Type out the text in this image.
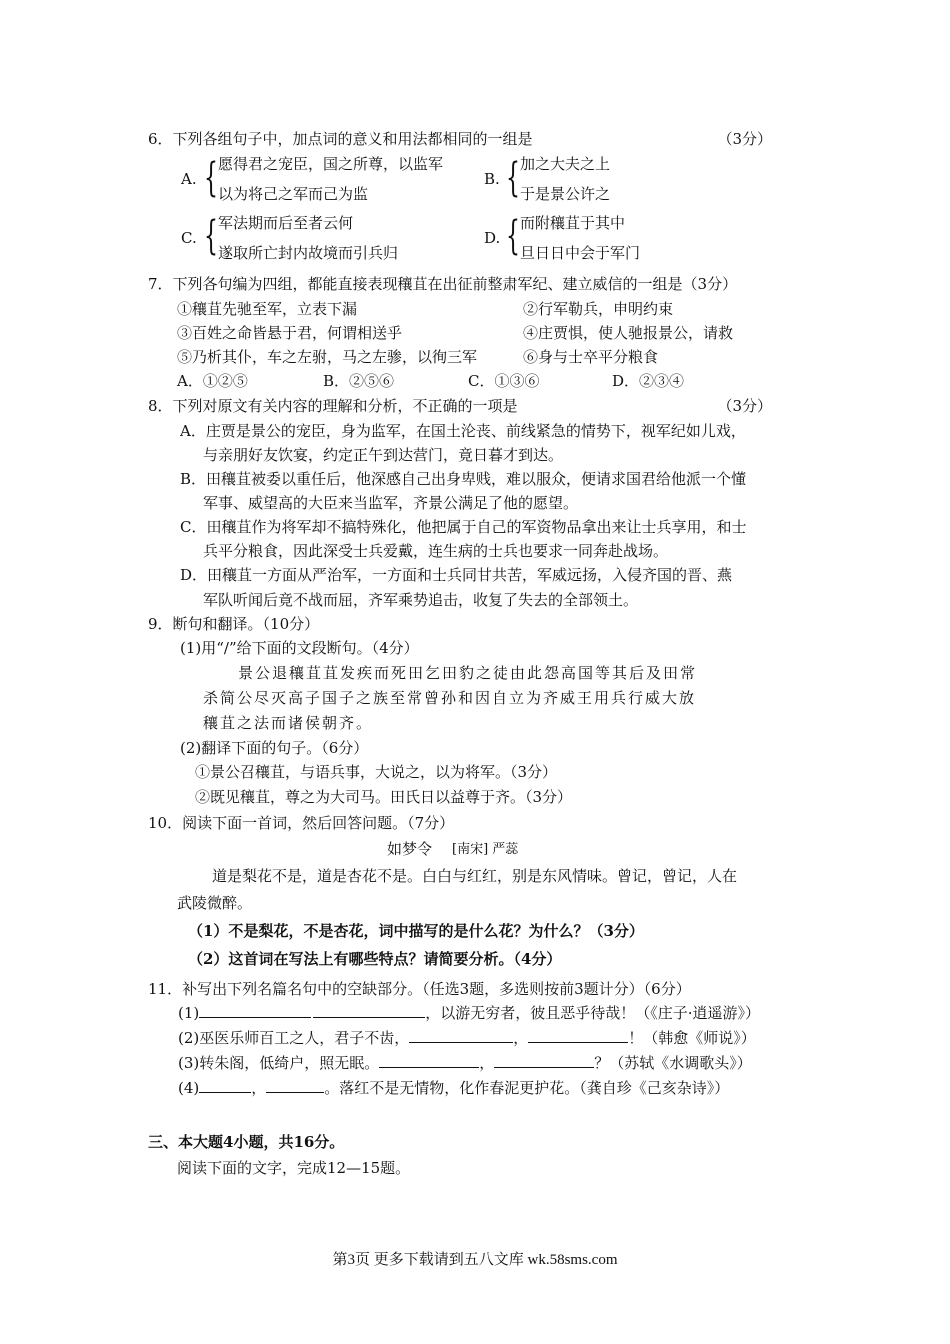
6．下列各组句子中，加点词的意义和用法都相同的一组是	（3分）
A. { 愿得君之宠臣，国之所尊，以监军
以为将己之军而己为监
B. { 加之大夫之上
于是景公许之
C. { 军法期而后至者云何
遂取所亡封内故境而引兵归
D. { 而附穰苴于其中
旦日日中会于军门
7．下列各句编为四组，都能直接表现穰苴在出征前整肃军纪、建立威信的一组是（3分）
①穰苴先驰至军，立表下漏	②行军勒兵，申明约束
③百姓之命皆悬于君，何谓相送乎	④庄贾惧，使人驰报景公，请救
⑤乃析其仆，车之左驸，马之左骖，以徇三军	⑥身与士卒平分粮食
A．①②⑤	B．②⑤⑥	C．①③⑥	D．②③④
8．下列对原文有关内容的理解和分析，不正确的一项是	（3分）
A．庄贾是景公的宠臣，身为监军，在国土沦丧、前线紧急的情势下，视军纪如儿戏，
与亲朋好友饮宴，约定正午到达营门，竟日暮才到达。
B．田穰苴被委以重任后，他深感自己出身卑贱，难以服众，便请求国君给他派一个懂
军事、威望高的大臣来当监军，齐景公满足了他的愿望。
C．田穰苴作为将军却不搞特殊化，他把属于自己的军资物品拿出来让士兵享用，和士
兵平分粮食，因此深受士兵爱戴，连生病的士兵也要求一同奔赴战场。
D．田穰苴一方面从严治军，一方面和士兵同甘共苦，军威远扬，入侵齐国的晋、燕
军队听闻后竟不战而屈，齐军乘势追击，收复了失去的全部领土。
9．断句和翻译。（10分）
(1)用“/”给下面的文段断句。（4分）
景公退穰苴苴发疾而死田乞田豹之徒由此怨高国等其后及田常
杀简公尽灭高子国子之族至常曾孙和因自立为齐威王用兵行威大放
穰苴之法而诸侯朝齐。
(2)翻译下面的句子。（6分）
①景公召穰苴，与语兵事，大说之，以为将军。（3分）
②既见穰苴，尊之为大司马。田氏日以益尊于齐。（3分）
10．阅读下面一首词，然后回答问题。（7分）
如梦令 [南宋] 严蕊
道是梨花不是，道是杏花不是。白白与红红，别是东风情味。曾记，曾记，人在
武陵微醉。
（1）不是梨花，不是杏花，词中描写的是什么花？为什么？（3分）
（2）这首词在写法上有哪些特点？请简要分析。（4分）
11．补写出下列名篇名句中的空缺部分。（任选3题，多选则按前3题计分）（6分）
(1)	，以游无穷者，彼且恶乎待哉！（《庄子·逍遥游》）
(2)巫医乐师百工之人，君子不齿，	，	！（韩愈《师说》）
(3)转朱阁，低绮户，照无眠。	，	？（苏轼《水调歌头》）
(4)	，	。落红不是无情物，化作春泥更护花。（龚自珍《己亥杂诗》）
三、本大题4小题，共16分。
阅读下面的文字，完成12—15题。
第3页 更多下载请到五八文库 wk.58sms.com
